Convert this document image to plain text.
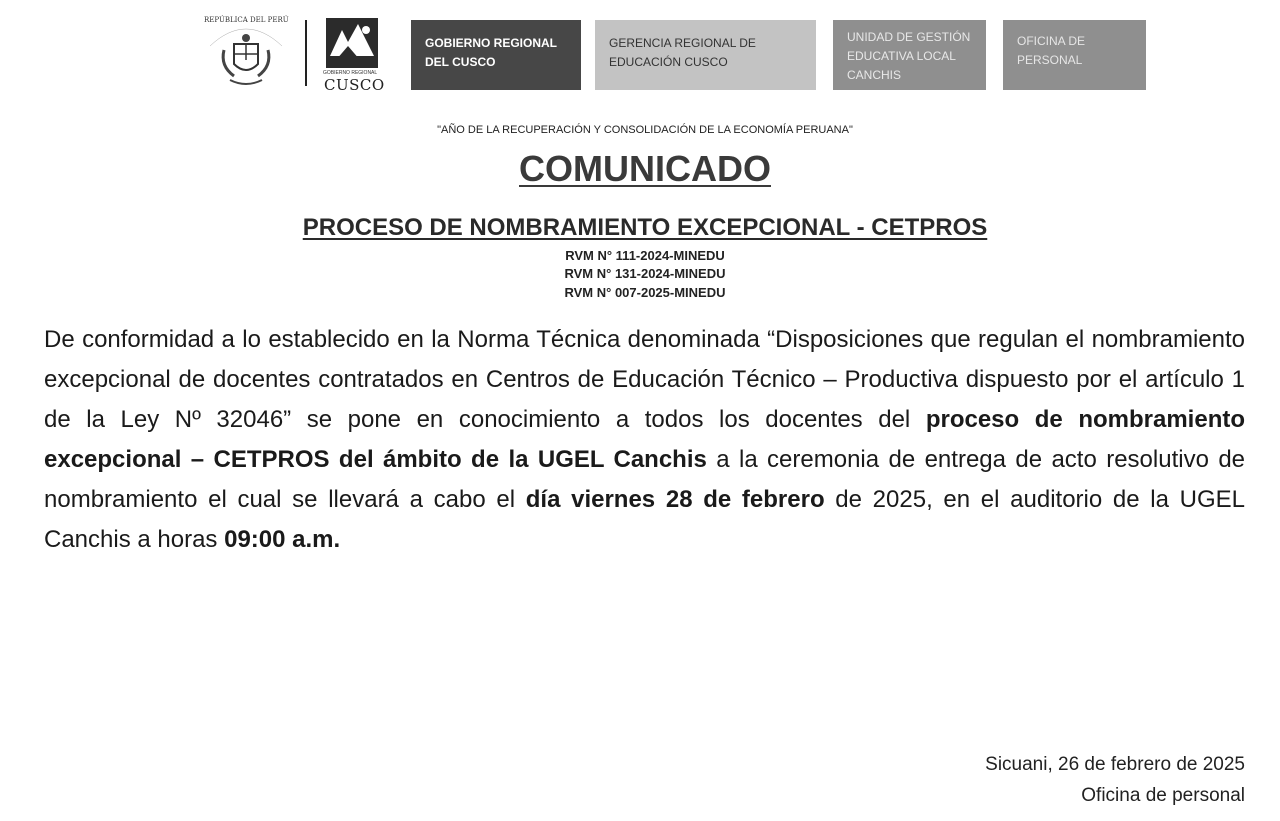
REPÚBLICA DEL PERÚ
GOBIERNO REGIONAL
CUSCO
GOBIERNO REGIONAL
DEL CUSCO
GERENCIA REGIONAL DE
EDUCACIÓN CUSCO
UNIDAD DE GESTIÓN
EDUCATIVA LOCAL
CANCHIS
OFICINA DE
PERSONAL
"AÑO DE LA RECUPERACIÓN Y CONSOLIDACIÓN DE LA ECONOMÍA PERUANA"
COMUNICADO
PROCESO DE NOMBRAMIENTO EXCEPCIONAL - CETPROS
RVM N° 111-2024-MINEDU
RVM N° 131-2024-MINEDU
RVM N° 007-2025-MINEDU
De conformidad a lo establecido en la Norma Técnica denominada “Disposiciones que regulan el nombramiento excepcional de docentes contratados en Centros de Educación Técnico – Productiva dispuesto por el artículo 1 de la Ley Nº 32046” se pone en conocimiento a todos los docentes del proceso de nombramiento excepcional – CETPROS del ámbito de la UGEL Canchis a la ceremonia de entrega de acto resolutivo de nombramiento el cual se llevará a cabo el día viernes 28 de febrero de 2025, en el auditorio de la UGEL Canchis a horas 09:00 a.m.
Sicuani, 26 de febrero de 2025
Oficina de personal
